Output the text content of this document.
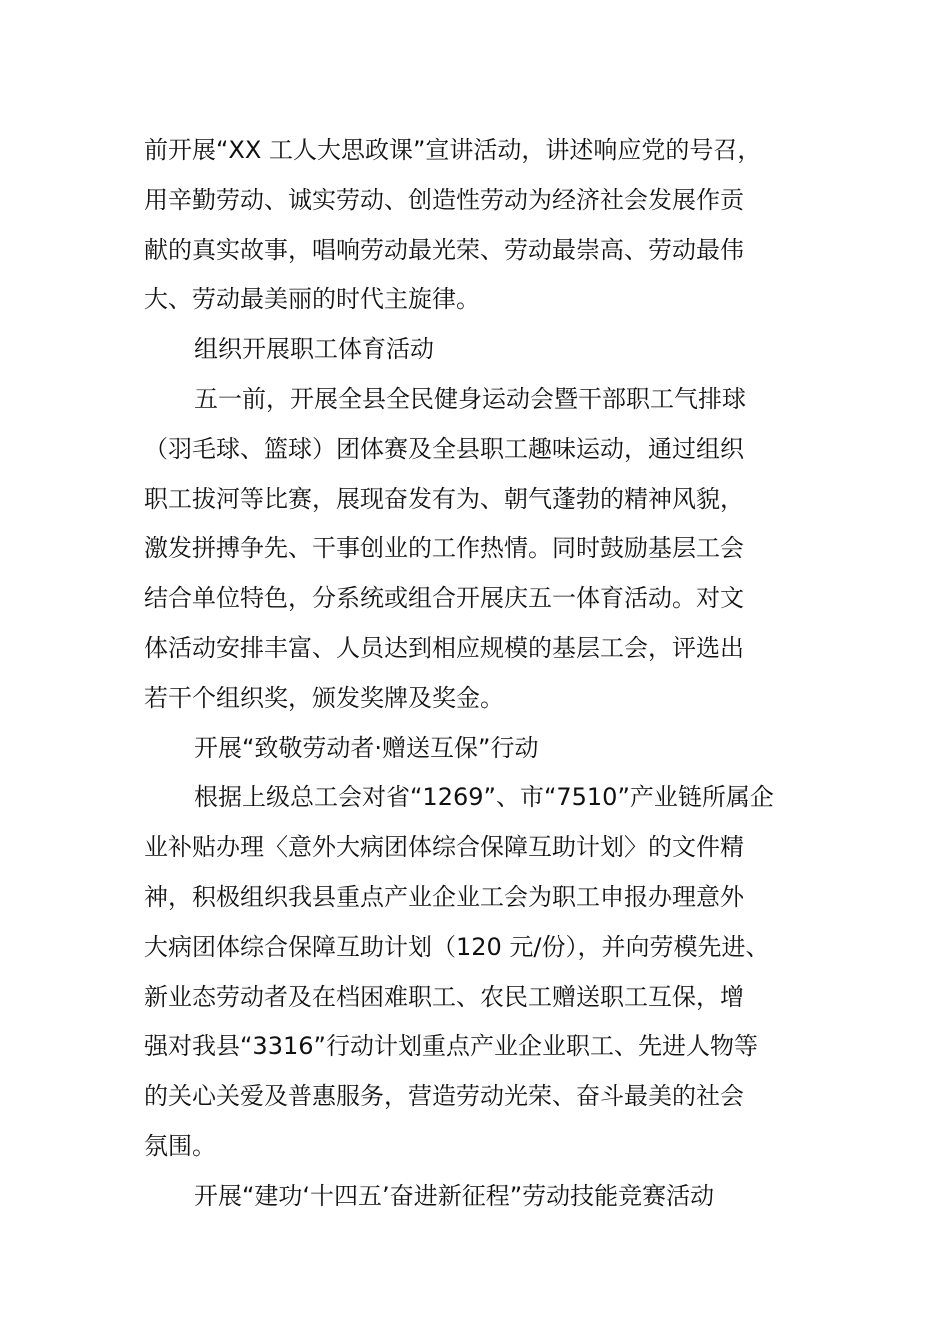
前开展“XX 工人大思政课”宣讲活动，讲述响应党的号召，
用辛勤劳动、诚实劳动、创造性劳动为经济社会发展作贡
献的真实故事，唱响劳动最光荣、劳动最崇高、劳动最伟
大、劳动最美丽的时代主旋律。
组织开展职工体育活动
五一前，开展全县全民健身运动会暨干部职工气排球
（羽毛球、篮球）团体赛及全县职工趣味运动，通过组织
职工拔河等比赛，展现奋发有为、朝气蓬勃的精神风貌，
激发拼搏争先、干事创业的工作热情。同时鼓励基层工会
结合单位特色，分系统或组合开展庆五一体育活动。对文
体活动安排丰富、人员达到相应规模的基层工会，评选出
若干个组织奖，颁发奖牌及奖金。
开展“致敬劳动者·赠送互保”行动
根据上级总工会对省“1269”、市“7510”产业链所属企
业补贴办理〈意外大病团体综合保障互助计划〉的文件精
神，积极组织我县重点产业企业工会为职工申报办理意外
大病团体综合保障互助计划（120 元/份），并向劳模先进、
新业态劳动者及在档困难职工、农民工赠送职工互保，增
强对我县“3316”行动计划重点产业企业职工、先进人物等
的关心关爱及普惠服务，营造劳动光荣、奋斗最美的社会
氛围。
开展“建功‘十四五’奋进新征程”劳动技能竞赛活动
